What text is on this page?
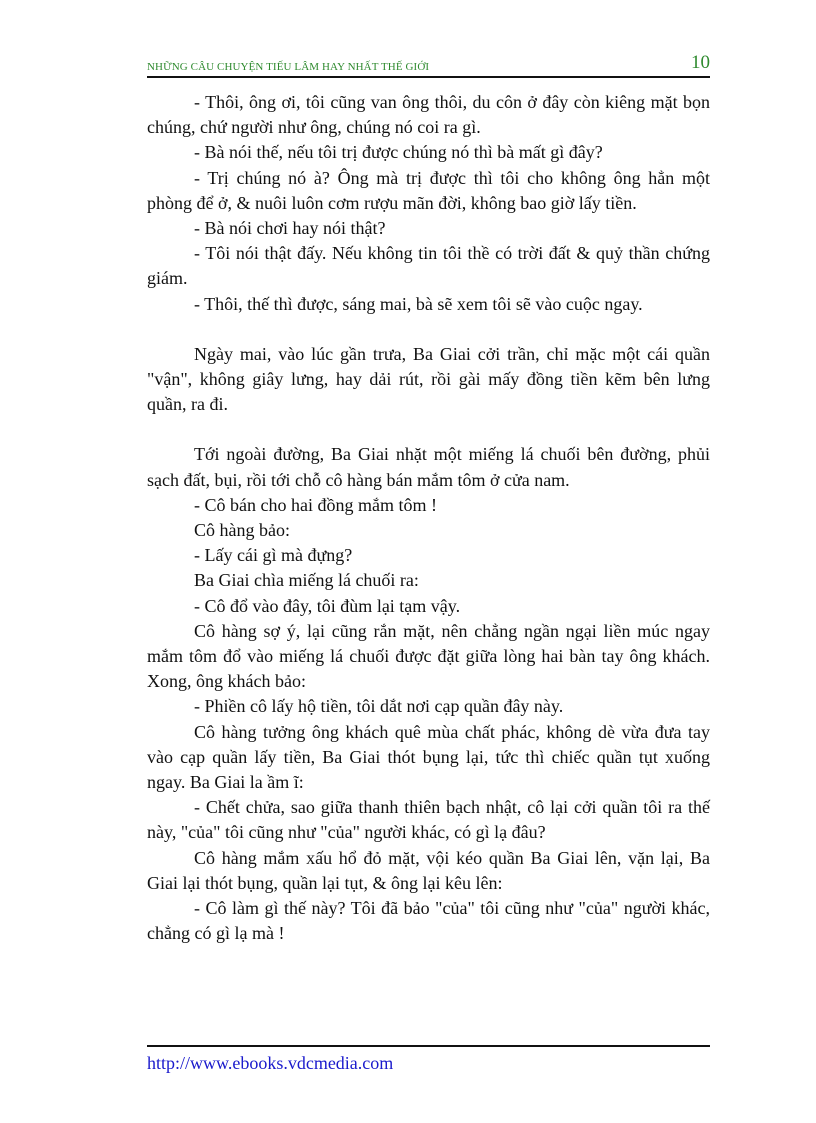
NHỮNG CÂU CHUYỆN TIẾU LÂM HAY NHẤT THẾ GIỚI	10

- Thôi, ông ơi, tôi cũng van ông thôi, du côn ở đây còn kiêng mặt bọn chúng, chứ người như ông, chúng nó coi ra gì.

- Bà nói thế, nếu tôi trị được chúng nó thì bà mất gì đây?

- Trị chúng nó à? Ông mà trị được thì tôi cho không ông hẳn một phòng để ở, & nuôi luôn cơm rượu mãn đời, không bao giờ lấy tiền.

- Bà nói chơi hay nói thật?

- Tôi nói thật đấy. Nếu không tin tôi thề có trời đất & quỷ thần chứng giám.

- Thôi, thế thì được, sáng mai, bà sẽ xem tôi sẽ vào cuộc ngay.

Ngày mai, vào lúc gần trưa, Ba Giai cởi trần, chỉ mặc một cái quần "vận", không giây lưng, hay dải rút, rồi gài mấy đồng tiền kẽm bên lưng quần, ra đi.

Tới ngoài đường, Ba Giai nhặt một miếng lá chuối bên đường, phủi sạch đất, bụi, rồi tới chỗ cô hàng bán mắm tôm ở cửa nam.

- Cô bán cho hai đồng mắm tôm !

Cô hàng bảo:

- Lấy cái gì mà đựng?

Ba Giai chìa miếng lá chuối ra:

- Cô đổ vào đây, tôi đùm lại tạm vậy.

Cô hàng sợ ý, lại cũng rắn mặt, nên chẳng ngần ngại liền múc ngay mắm tôm đổ vào miếng lá chuối được đặt giữa lòng hai bàn tay ông khách. Xong, ông khách bảo:

- Phiền cô lấy hộ tiền, tôi dắt nơi cạp quần đây này.

Cô hàng tưởng ông khách quê mùa chất phác, không dè vừa đưa tay vào cạp quần lấy tiền, Ba Giai thót bụng lại, tức thì chiếc quần tụt xuống ngay. Ba Giai la ầm ĩ:

- Chết chửa, sao giữa thanh thiên bạch nhật, cô lại cởi quần tôi ra thế này, "của" tôi cũng như "của" người khác, có gì lạ đâu?

Cô hàng mắm xấu hổ đỏ mặt, vội kéo quần Ba Giai lên, vặn lại, Ba Giai lại thót bụng, quần lại tụt, & ông lại kêu lên:

- Cô làm gì thế này? Tôi đã bảo "của" tôi cũng như "của" người khác, chẳng có gì lạ mà !

http://www.ebooks.vdcmedia.com
